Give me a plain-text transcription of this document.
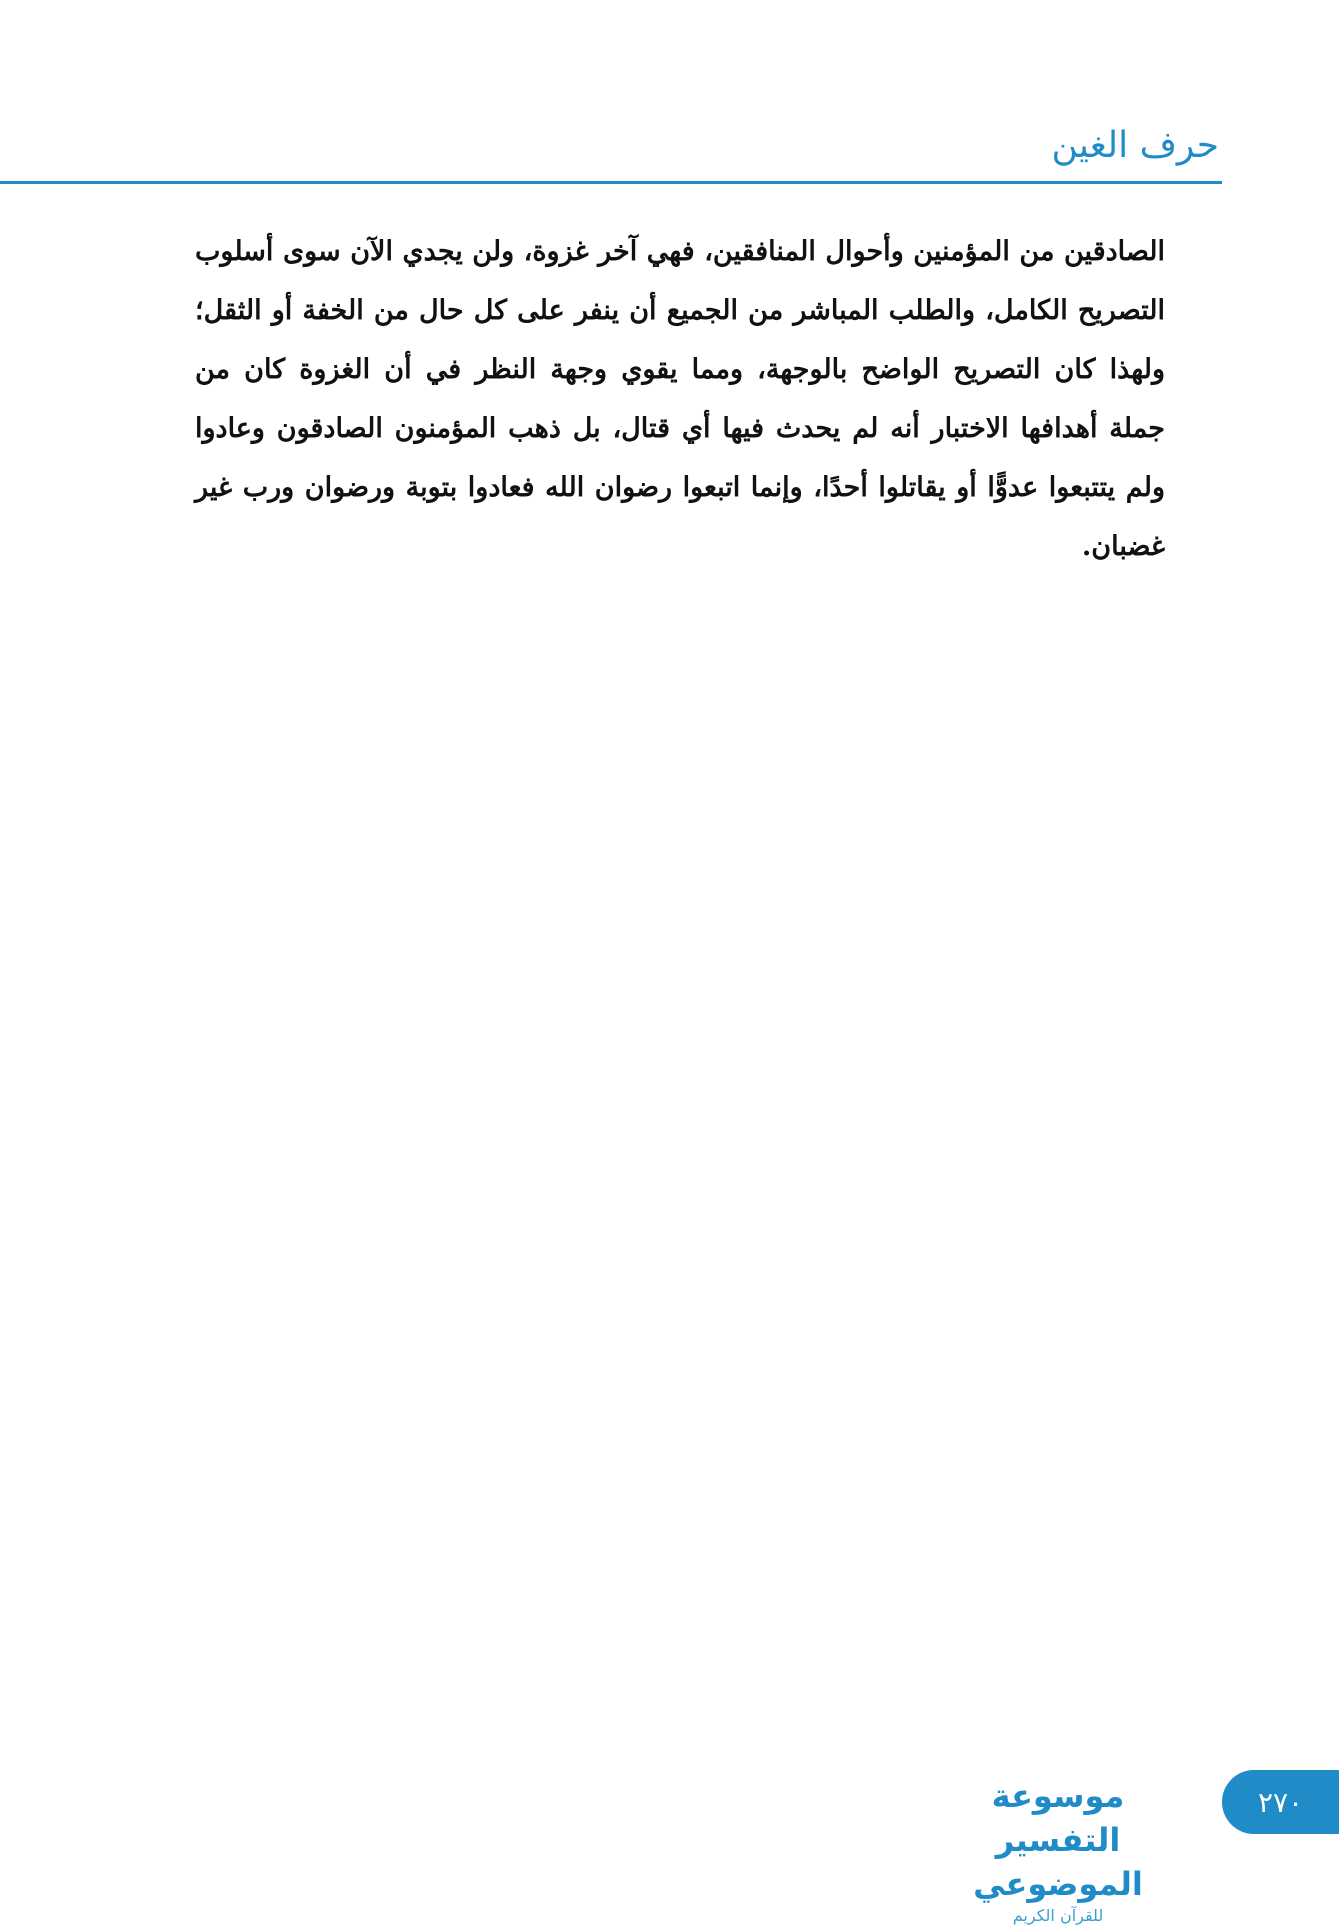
حرف الغين

الصادقين من المؤمنين وأحوال المنافقين، فهي آخر غزوة، ولن يجدي الآن سوى أسلوب التصريح الكامل، والطلب المباشر من الجميع أن ينفر على كل حال من الخفة أو الثقل؛ ولهذا كان التصريح الواضح بالوجهة، ومما يقوي وجهة النظر في أن الغزوة كان من جملة أهدافها الاختبار أنه لم يحدث فيها أي قتال، بل ذهب المؤمنون الصادقون وعادوا ولم يتتبعوا عدوًّا أو يقاتلوا أحدًا، وإنما اتبعوا رضوان الله فعادوا بتوبة ورضوان ورب غير غضبان.

موسوعة التفسير الموضوعي
للقرآن الكريم
٢٧٠
